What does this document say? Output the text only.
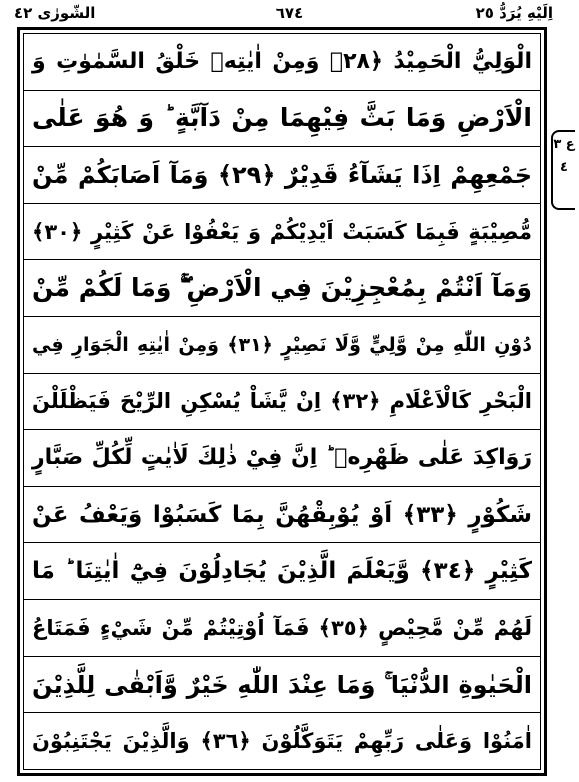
الشّورٰى ٤٢	٦٧٤	اِلَيْهِ يُرَدُّ ٢٥
الْوَلِيُّ الْحَمِيْدُ ﴿٢٨﴾ وَمِنْ اٰيٰتِهٖ خَلْقُ السَّمٰوٰتِ وَ
الْاَرْضِ وَمَا بَثَّ فِيْهِمَا مِنْ دَآبَّةٍ ؕ وَ هُوَ عَلٰى
جَمْعِهِمْ اِذَا يَشَآءُ قَدِيْرٌ ﴿٢٩﴾ وَمَآ اَصَابَكُمْ مِّنْ
مُّصِيْبَةٍ فَبِمَا كَسَبَتْ اَيْدِيْكُمْ وَ يَعْفُوْا عَنْ كَثِيْرٍ ﴿٣٠﴾
وَمَآ اَنْتُمْ بِمُعْجِزِيْنَ فِي الْاَرْضِ ۚۖ وَمَا لَكُمْ مِّنْ
دُوْنِ اللّٰهِ مِنْ وَّلِيٍّ وَّلَا نَصِيْرٍ ﴿٣١﴾ وَمِنْ اٰيٰتِهِ الْجَوَارِ فِي
الْبَحْرِ كَالْاَعْلَامِ ﴿٣٢﴾ اِنْ يَّشَاْ يُسْكِنِ الرِّيْحَ فَيَظْلَلْنَ
رَوَاكِدَ عَلٰى ظَهْرِهٖ ؕ اِنَّ فِيْ ذٰلِكَ لَاٰيٰتٍ لِّكُلِّ صَبَّارٍ
شَكُوْرٍ ﴿٣٣﴾ اَوْ يُوْبِقْهُنَّ بِمَا كَسَبُوْا وَيَعْفُ عَنْ
كَثِيْرٍ ﴿٣٤﴾ وَّيَعْلَمَ الَّذِيْنَ يُجَادِلُوْنَ فِيْٓ اٰيٰتِنَا ؕ مَا
لَهُمْ مِّنْ مَّحِيْصٍ ﴿٣٥﴾ فَمَآ اُوْتِيْتُمْ مِّنْ شَيْءٍ فَمَتَاعُ
الْحَيٰوةِ الدُّنْيَا ۚ وَمَا عِنْدَ اللّٰهِ خَيْرٌ وَّاَبْقٰى لِلَّذِيْنَ
اٰمَنُوْا وَعَلٰى رَبِّهِمْ يَتَوَكَّلُوْنَ ﴿٣٦﴾ وَالَّذِيْنَ يَجْتَنِبُوْنَ
ع ٣
٤
